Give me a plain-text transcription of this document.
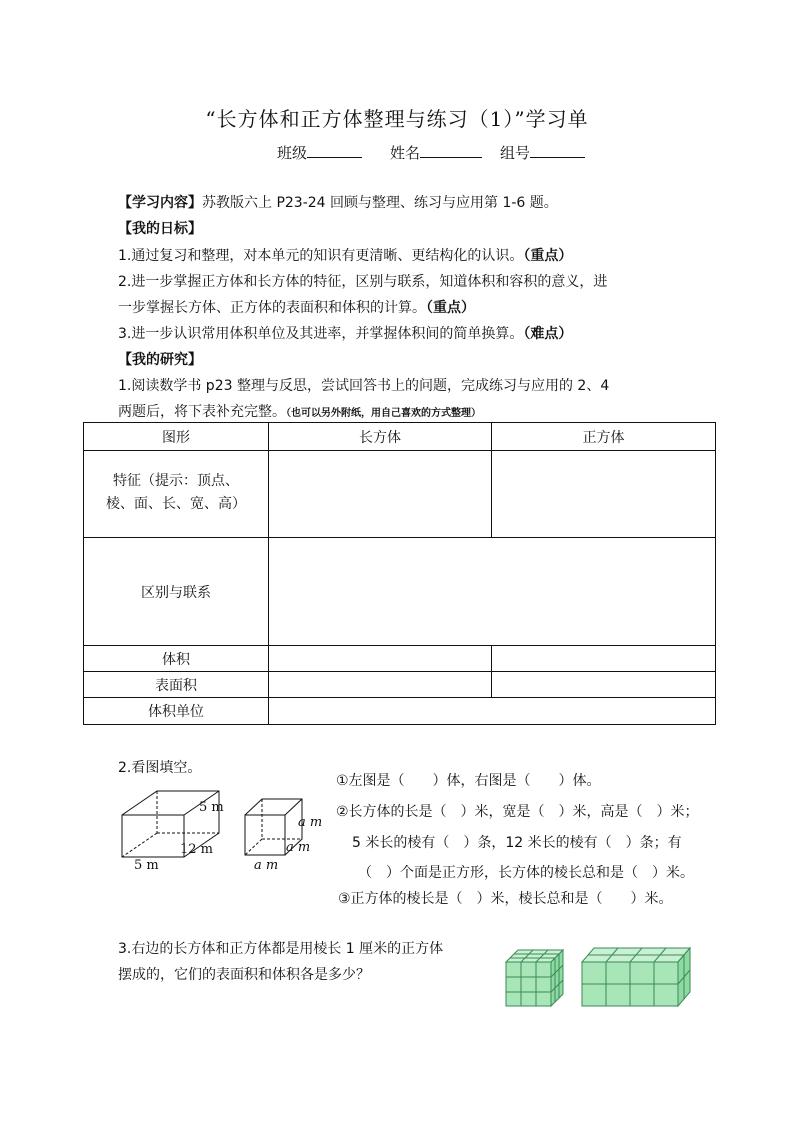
“长方体和正方体整理与练习（1）”学习单
班级	姓名	组号
【学习内容】苏教版六上 P23-24 回顾与整理、练习与应用第 1-6 题。
【我的日标】
1.通过复习和整理，对本单元的知识有更清晰、更结构化的认识。（重点）
2.进一步掌握正方体和长方体的特征，区别与联系，知道体积和容积的意义，进
一步掌握长方体、正方体的表面积和体积的计算。（重点）
3.进一步认识常用体积单位及其进率，并掌握体积间的简单换算。（难点）
【我的研究】
1.阅读数学书 p23 整理与反思，尝试回答书上的问题，完成练习与应用的 2、4
两题后，将下表补充完整。（也可以另外附纸，用自己喜欢的方式整理）
图形	长方体	正方体
特征（提示：顶点、
棱、面、长、宽、高）		
区别与联系		
体积		
表面积		
体积单位		
2.看图填空。
5 m
5 m
12 m
a m
a m
a m
①左图是（　　）体，右图是（　　）体。
②长方体的长是（　）米，宽是（　）米，高是（　）米；
5 米长的棱有（　）条，12 米长的棱有（　）条；有
（　）个面是正方形，长方体的棱长总和是（　）米。
③正方体的棱长是（　）米，棱长总和是（　　）米。
3.右边的长方体和正方体都是用棱长 1 厘米的正方体
摆成的，它们的表面积和体积各是多少？
